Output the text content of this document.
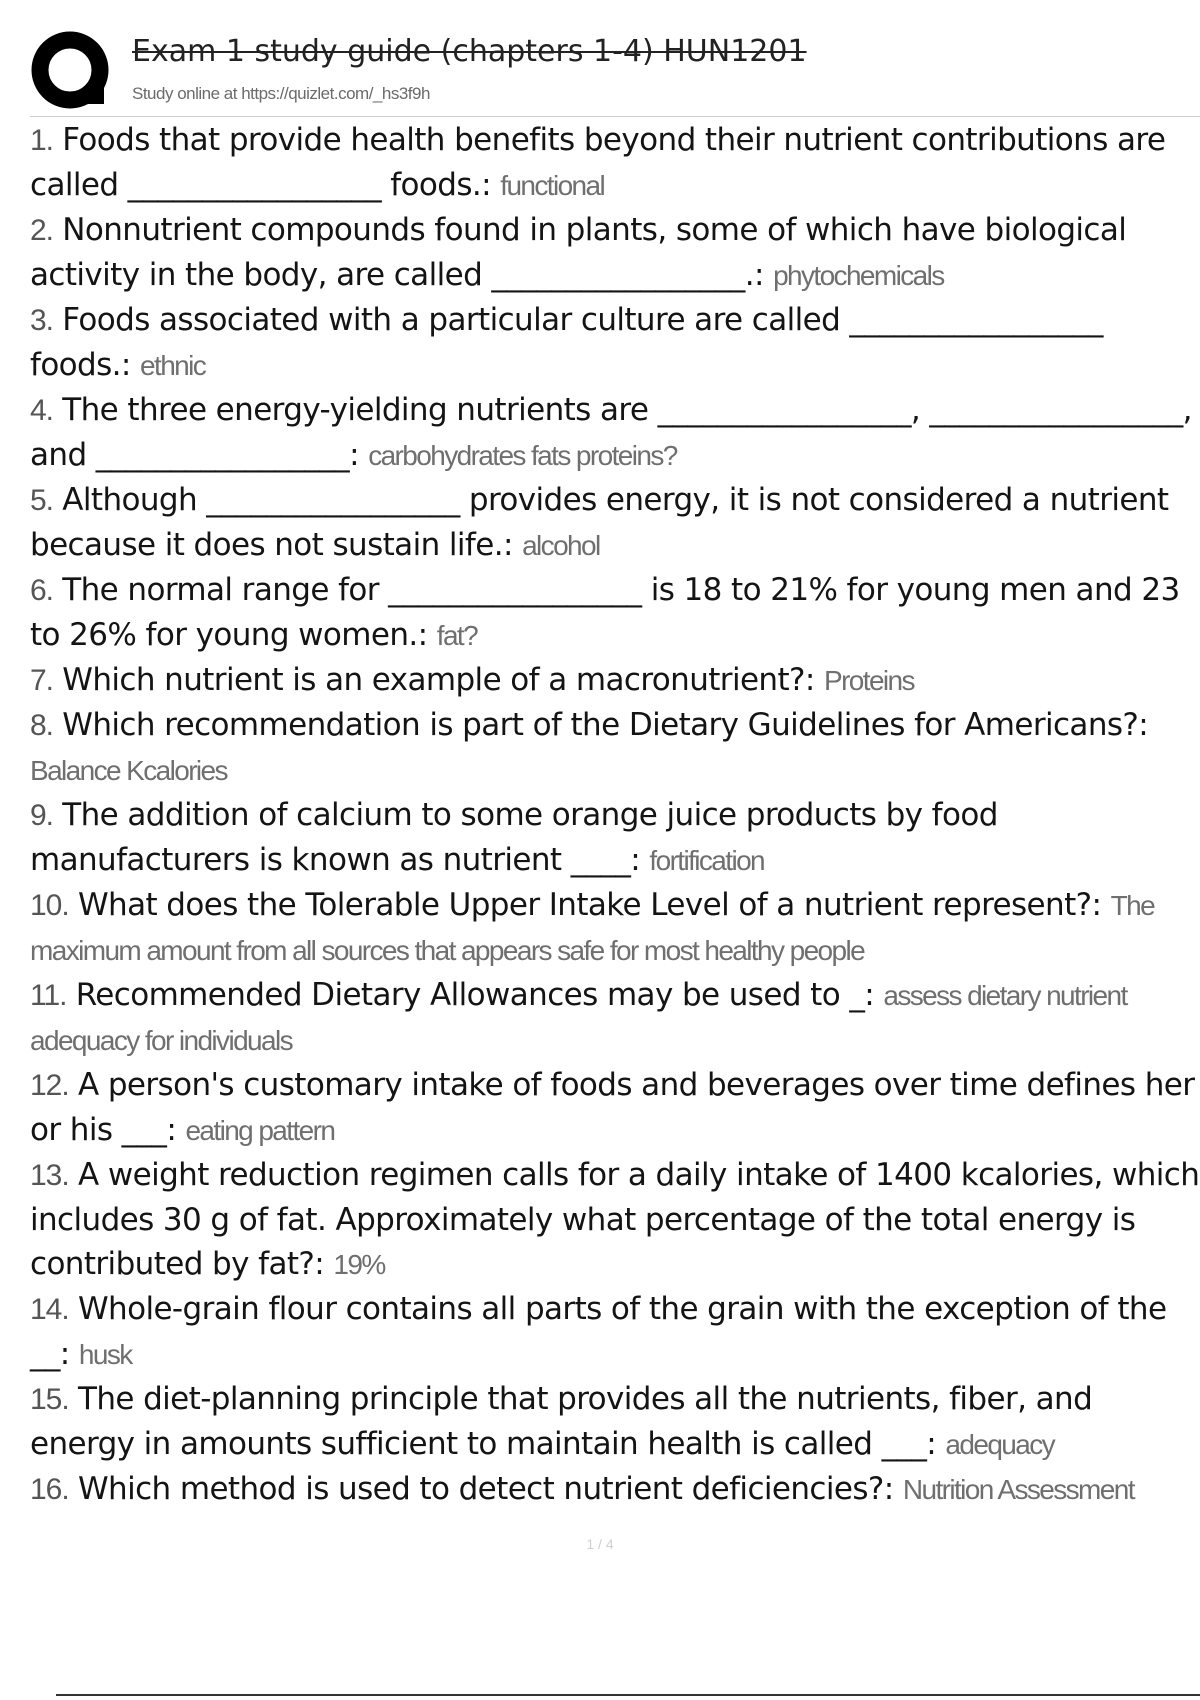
Exam 1 study guide (chapters 1-4) HUN1201
Study online at https://quizlet.com/_hs3f9h

1. Foods that provide health benefits beyond their nutrient contributions are called _________________ foods.: functional

2. Nonnutrient compounds found in plants, some of which have biological activity in the body, are called _________________.: phytochemicals

3. Foods associated with a particular culture are called _________________ foods.: ethnic

4. The three energy-yielding nutrients are _________________, _________________, and _________________: carbohydrates fats proteins?

5. Although _________________ provides energy, it is not considered a nutrient because it does not sustain life.: alcohol

6. The normal range for _________________ is 18 to 21% for young men and 23 to 26% for young women.: fat?

7. Which nutrient is an example of a macronutrient?: Proteins

8. Which recommendation is part of the Dietary Guidelines for Americans?: Balance Kcalories

9. The addition of calcium to some orange juice products by food manufacturers is known as nutrient ____: fortification

10. What does the Tolerable Upper Intake Level of a nutrient represent?: The maximum amount from all sources that appears safe for most healthy people

11. Recommended Dietary Allowances may be used to _: assess dietary nutrient adequacy for individuals

12. A person's customary intake of foods and beverages over time defines her or his ___: eating pattern

13. A weight reduction regimen calls for a daily intake of 1400 kcalories, which includes 30 g of fat. Approximately what percentage of the total energy is contributed by fat?: 19%

14. Whole-grain flour contains all parts of the grain with the exception of the __: husk

15. The diet-planning principle that provides all the nutrients, fiber, and energy in amounts sufficient to maintain health is called ___: adequacy

16. Which method is used to detect nutrient deficiencies?: Nutrition Assessment

1 / 4
